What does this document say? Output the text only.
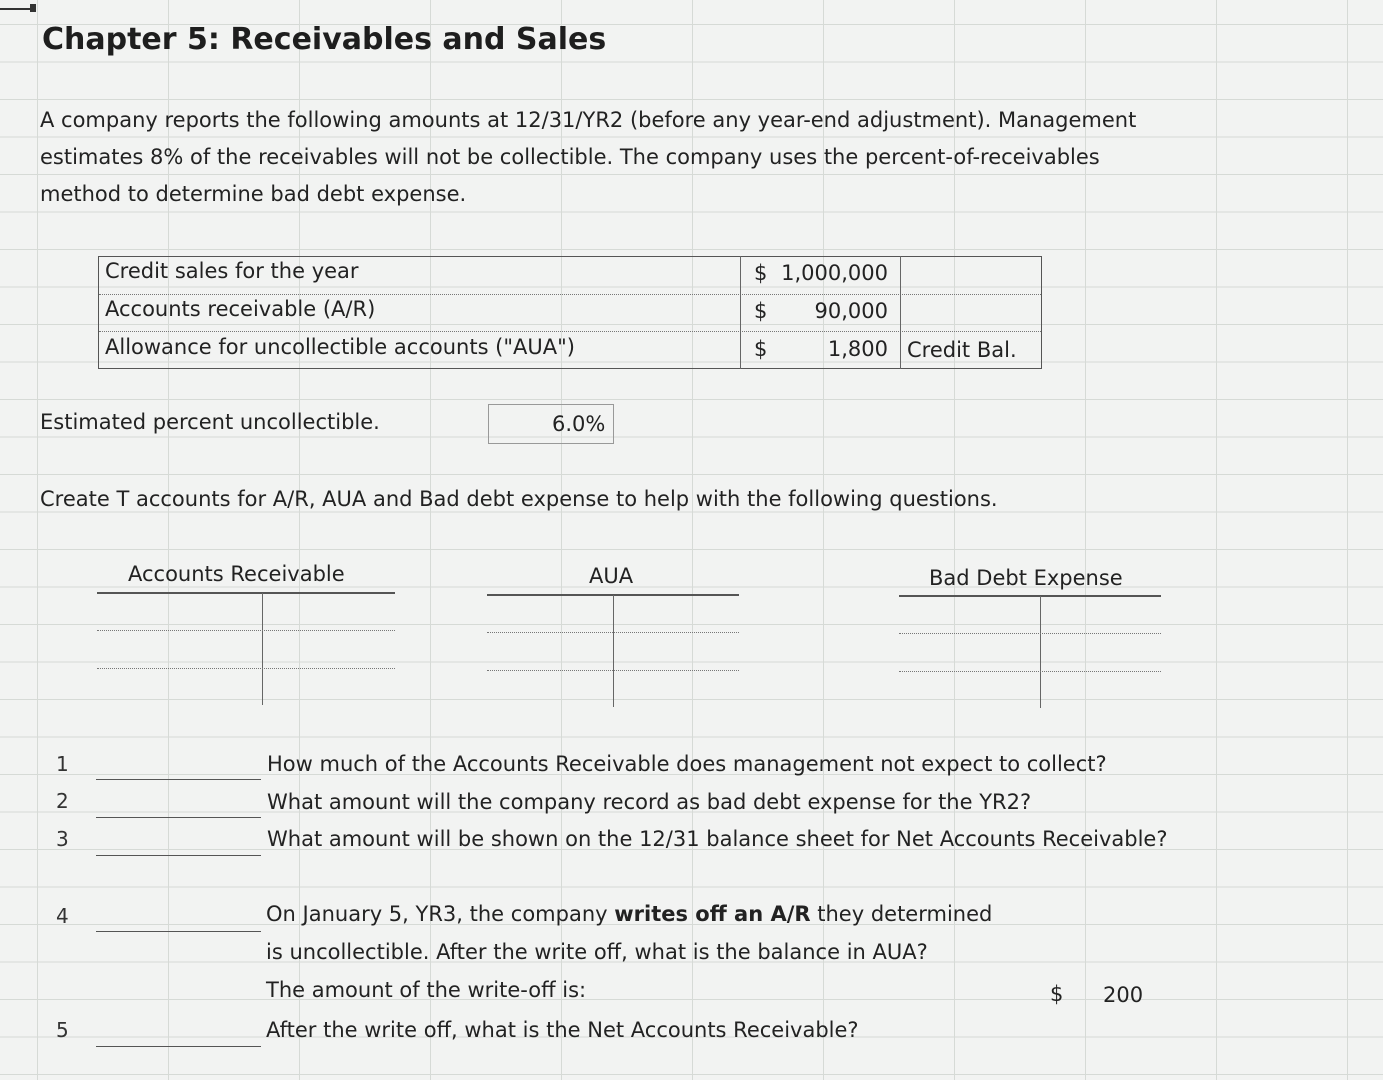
Chapter 5: Receivables and Sales
A company reports the following amounts at 12/31/YR2 (before any year-end adjustment). Management
estimates 8% of the receivables will not be collectible. The company uses the percent-of-receivables
method to determine bad debt expense.
Credit sales for the year	$ 1,000,000
Accounts receivable (A/R)	$	90,000
Allowance for uncollectible accounts ("AUA")	$	1,800 Credit Bal.
Estimated percent uncollectible.	6.0%
Create T accounts for A/R, AUA and Bad debt expense to help with the following questions.
Accounts Receivable	AUA	Bad Debt Expense
1	How much of the Accounts Receivable does management not expect to collect?
2	What amount will the company record as bad debt expense for the YR2?
3	What amount will be shown on the 12/31 balance sheet for Net Accounts Receivable?
4	On January 5, YR3, the company writes off an A/R they determined
is uncollectible. After the write off, what is the balance in AUA?
The amount of the write-off is:	$ 200
5	After the write off, what is the Net Accounts Receivable?
